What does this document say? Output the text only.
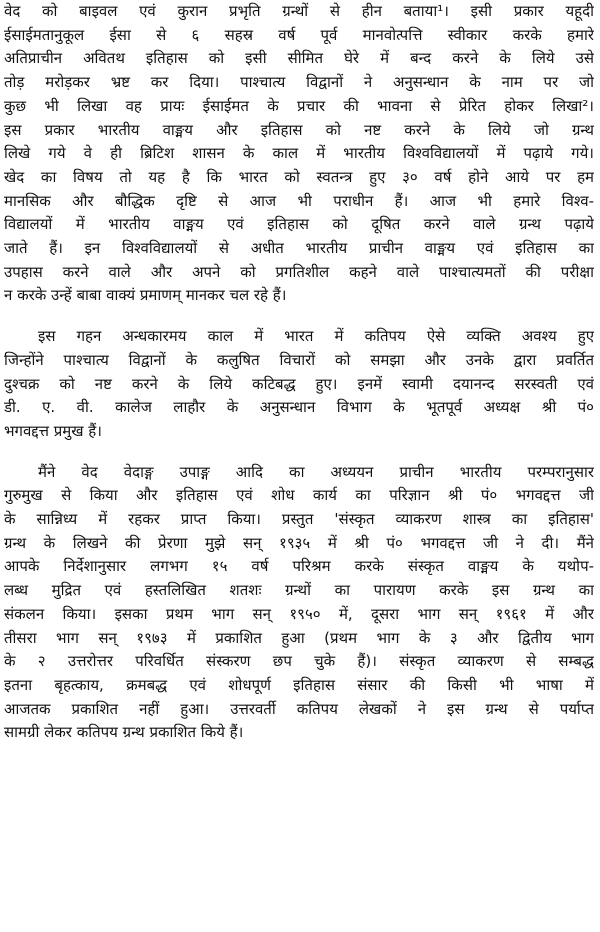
वेद को बाइवल एवं कुरान प्रभृति ग्रन्थों से हीन बताया¹। इसी प्रकार यहूदी
ईसाईमतानुकूल ईसा से ६ सहस्र वर्ष पूर्व मानवोत्पत्ति स्वीकार करके हमारे
अतिप्राचीन अवितथ इतिहास को इसी सीमित घेरे में बन्द करने के लिये उसे
तोड़ मरोड़कर भ्रष्ट कर दिया। पाश्चात्य विद्वानों ने अनुसन्धान के नाम पर जो
कुछ भी लिखा वह प्रायः ईसाईमत के प्रचार की भावना से प्रेरित होकर लिखा²।
इस प्रकार भारतीय वाङ्मय और इतिहास को नष्ट करने के लिये जो ग्रन्थ
लिखे गये वे ही ब्रिटिश शासन के काल में भारतीय विश्वविद्यालयों में पढ़ाये गये।
खेद का विषय तो यह है कि भारत को स्वतन्त्र हुए ३० वर्ष होने आये पर हम
मानसिक और बौद्धिक दृष्टि से आज भी पराधीन हैं। आज भी हमारे विश्व-
विद्यालयों में भारतीय वाङ्मय एवं इतिहास को दूषित करने वाले ग्रन्थ पढ़ाये
जाते हैं। इन विश्वविद्यालयों से अधीत भारतीय प्राचीन वाङ्मय एवं इतिहास का
उपहास करने वाले और अपने को प्रगतिशील कहने वाले पाश्चात्यमतों की परीक्षा
न करके उन्हें बाबा वाक्यं प्रमाणम् मानकर चल रहे हैं।
इस गहन अन्धकारमय काल में भारत में कतिपय ऐसे व्यक्ति अवश्य हुए
जिन्होंने पाश्चात्य विद्वानों के कलुषित विचारों को समझा और उनके द्वारा प्रवर्तित
दुश्चक्र को नष्ट करने के लिये कटिबद्ध हुए। इनमें स्वामी दयानन्द सरस्वती एवं
डी. ए. वी. कालेज लाहौर के अनुसन्धान विभाग के भूतपूर्व अध्यक्ष श्री पं०
भगवद्दत्त प्रमुख हैं।
मैंने वेद वेदाङ्ग उपाङ्ग आदि का अध्ययन प्राचीन भारतीय परम्परानुसार
गुरुमुख से किया और इतिहास एवं शोध कार्य का परिज्ञान श्री पं० भगवद्दत्त जी
के सान्निध्य में रहकर प्राप्त किया। प्रस्तुत 'संस्कृत व्याकरण शास्त्र का इतिहास'
ग्रन्थ के लिखने की प्रेरणा मुझे सन् १९३५ में श्री पं० भगवद्दत्त जी ने दी। मैंने
आपके निर्देशानुसार लगभग १५ वर्ष परिश्रम करके संस्कृत वाङ्मय के यथोप-
लब्ध मुद्रित एवं हस्तलिखित शतशः ग्रन्थों का पारायण करके इस ग्रन्थ का
संकलन किया। इसका प्रथम भाग सन् १९५० में, दूसरा भाग सन् १९६१ में और
तीसरा भाग सन् १९७३ में प्रकाशित हुआ (प्रथम भाग के ३ और द्वितीय भाग
के २ उत्तरोत्तर परिवर्धित संस्करण छप चुके हैं)। संस्कृत व्याकरण से सम्बद्ध
इतना बृहत्काय, क्रमबद्ध एवं शोधपूर्ण इतिहास संसार की किसी भी भाषा में
आजतक प्रकाशित नहीं हुआ। उत्तरवर्ती कतिपय लेखकों ने इस ग्रन्थ से पर्याप्त
सामग्री लेकर कतिपय ग्रन्थ प्रकाशित किये हैं।
